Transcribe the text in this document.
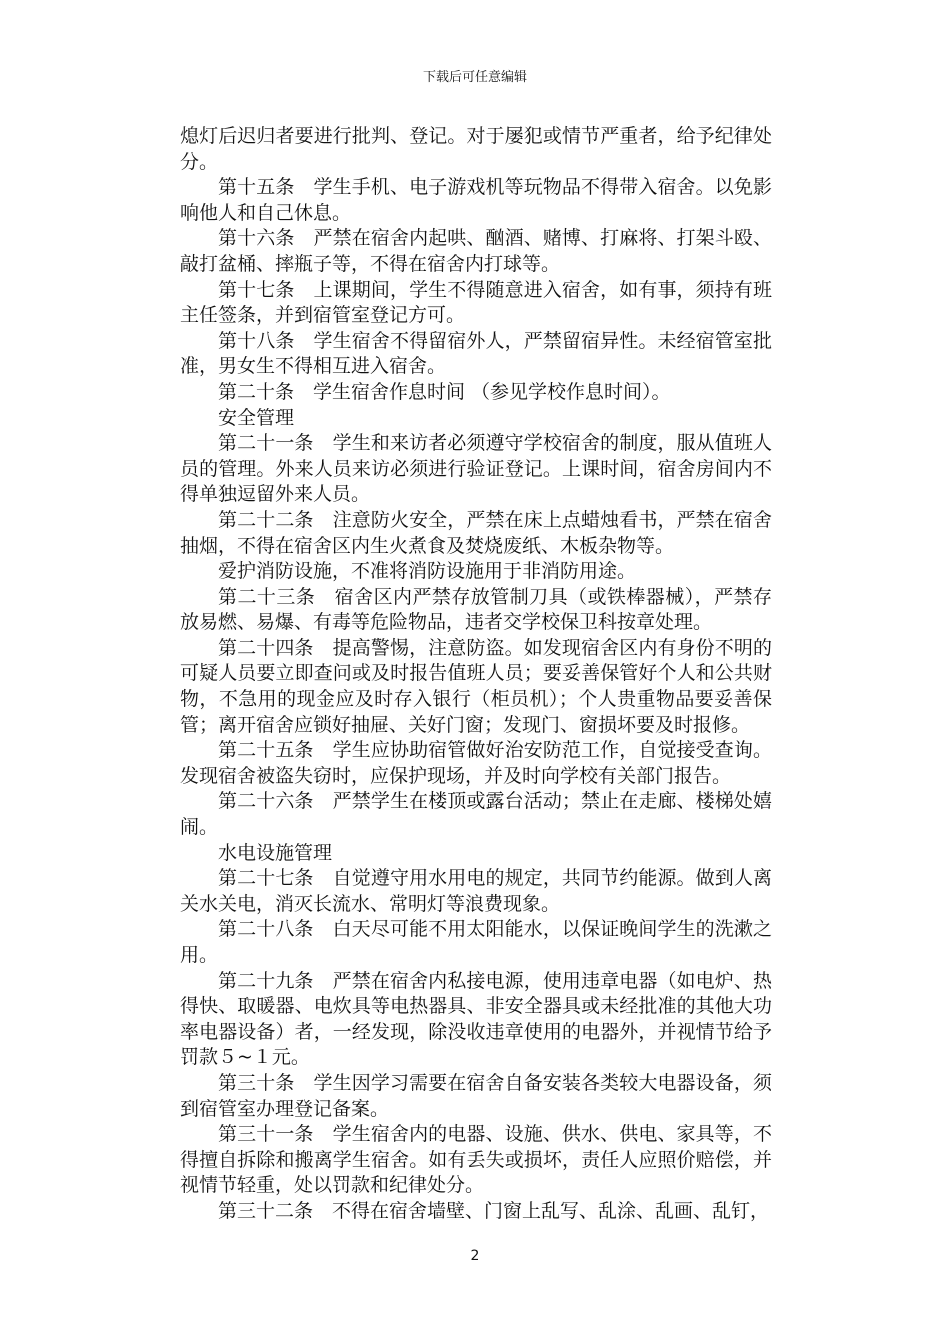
下载后可任意编辑

熄灯后迟归者要进行批判、登记。对于屡犯或情节严重者，给予纪律处分。

第十五条　学生手机、电子游戏机等玩物品不得带入宿舍。以免影响他人和自己休息。

第十六条　严禁在宿舍内起哄、酗酒、赌博、打麻将、打架斗殴、敲打盆桶、摔瓶子等，不得在宿舍内打球等。

第十七条　上课期间，学生不得随意进入宿舍，如有事，须持有班主任签条，并到宿管室登记方可。

第十八条　学生宿舍不得留宿外人，严禁留宿异性。未经宿管室批准，男女生不得相互进入宿舍。

第二十条　学生宿舍作息时间 （参见学校作息时间）。

安全管理

第二十一条　学生和来访者必须遵守学校宿舍的制度，服从值班人员的管理。外来人员来访必须进行验证登记。上课时间，宿舍房间内不得单独逗留外来人员。

第二十二条　注意防火安全，严禁在床上点蜡烛看书，严禁在宿舍抽烟，不得在宿舍区内生火煮食及焚烧废纸、木板杂物等。

爱护消防设施，不准将消防设施用于非消防用途。

第二十三条　宿舍区内严禁存放管制刀具（或铁棒器械），严禁存放易燃、易爆、有毒等危险物品，违者交学校保卫科按章处理。

第二十四条　提高警惕，注意防盗。如发现宿舍区内有身份不明的可疑人员要立即查问或及时报告值班人员；要妥善保管好个人和公共财物，不急用的现金应及时存入银行（柜员机）；个人贵重物品要妥善保管；离开宿舍应锁好抽屉、关好门窗；发现门、窗损坏要及时报修。

第二十五条　学生应协助宿管做好治安防范工作，自觉接受查询。发现宿舍被盗失窃时，应保护现场，并及时向学校有关部门报告。

第二十六条　严禁学生在楼顶或露台活动；禁止在走廊、楼梯处嬉闹。

水电设施管理

第二十七条　自觉遵守用水用电的规定，共同节约能源。做到人离关水关电，消灭长流水、常明灯等浪费现象。

第二十八条　白天尽可能不用太阳能水，以保证晚间学生的洗漱之用。

第二十九条　严禁在宿舍内私接电源，使用违章电器（如电炉、热得快、取暖器、电炊具等电热器具、非安全器具或未经批准的其他大功率电器设备）者，一经发现，除没收违章使用的电器外，并视情节给予罚款５~１元。

第三十条　学生因学习需要在宿舍自备安装各类较大电器设备，须到宿管室办理登记备案。

第三十一条　学生宿舍内的电器、设施、供水、供电、家具等，不得擅自拆除和搬离学生宿舍。如有丢失或损坏，责任人应照价赔偿，并视情节轻重，处以罚款和纪律处分。

第三十二条　不得在宿舍墙壁、门窗上乱写、乱涂、乱画、乱钉，

2
